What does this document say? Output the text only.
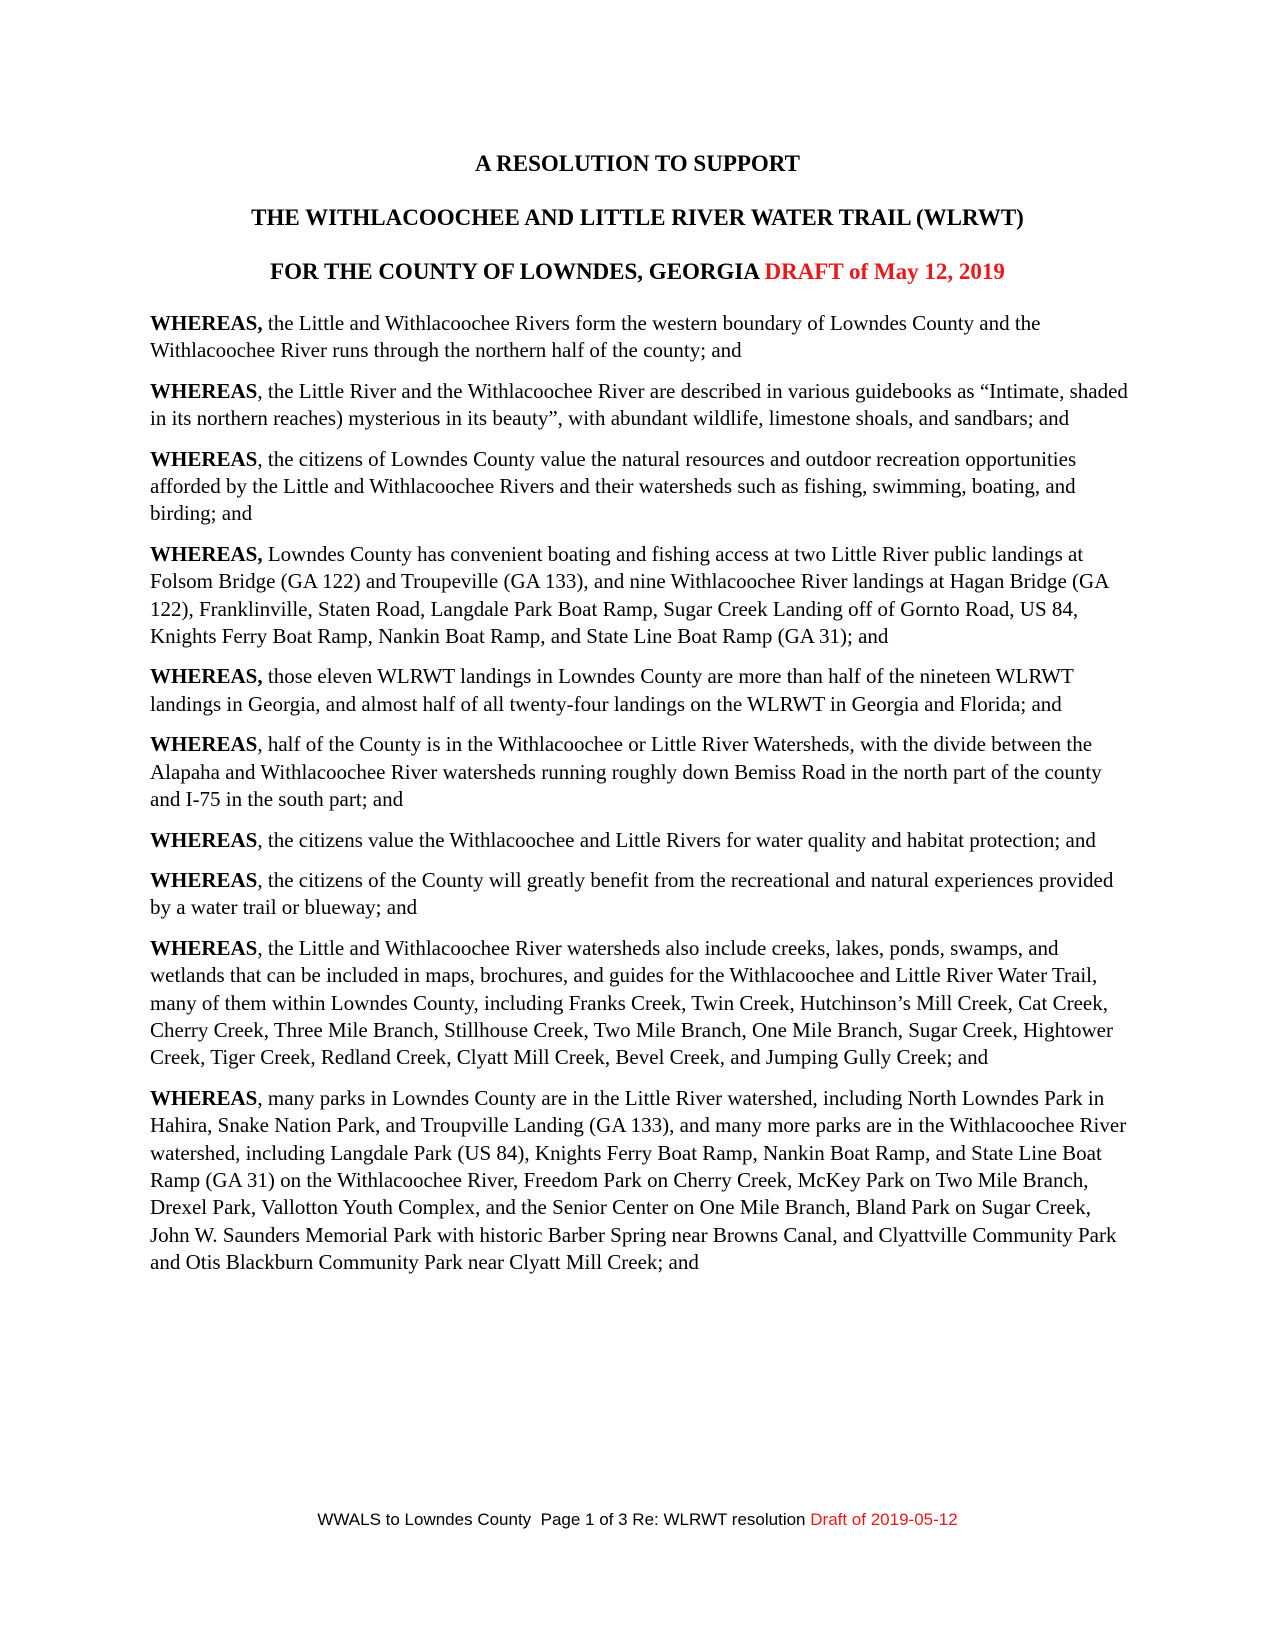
A RESOLUTION TO SUPPORT
THE WITHLACOOCHEE AND LITTLE RIVER WATER TRAIL (WLRWT)
FOR THE COUNTY OF LOWNDES, GEORGIA DRAFT of May 12, 2019

WHEREAS, the Little and Withlacoochee Rivers form the western boundary of Lowndes County and the Withlacoochee River runs through the northern half of the county; and

WHEREAS, the Little River and the Withlacoochee River are described in various guidebooks as “Intimate, shaded in its northern reaches) mysterious in its beauty”, with abundant wildlife, limestone shoals, and sandbars; and

WHEREAS, the citizens of Lowndes County value the natural resources and outdoor recreation opportunities afforded by the Little and Withlacoochee Rivers and their watersheds such as fishing, swimming, boating, and birding; and

WHEREAS, Lowndes County has convenient boating and fishing access at two Little River public landings at Folsom Bridge (GA 122) and Troupeville (GA 133), and nine Withlacoochee River landings at Hagan Bridge (GA 122), Franklinville, Staten Road, Langdale Park Boat Ramp, Sugar Creek Landing off of Gornto Road, US 84, Knights Ferry Boat Ramp, Nankin Boat Ramp, and State Line Boat Ramp (GA 31); and

WHEREAS, those eleven WLRWT landings in Lowndes County are more than half of the nineteen WLRWT landings in Georgia, and almost half of all twenty-four landings on the WLRWT in Georgia and Florida; and

WHEREAS, half of the County is in the Withlacoochee or Little River Watersheds, with the divide between the Alapaha and Withlacoochee River watersheds running roughly down Bemiss Road in the north part of the county and I-75 in the south part; and

WHEREAS, the citizens value the Withlacoochee and Little Rivers for water quality and habitat protection; and

WHEREAS, the citizens of the County will greatly benefit from the recreational and natural experiences provided by a water trail or blueway; and

WHEREAS, the Little and Withlacoochee River watersheds also include creeks, lakes, ponds, swamps, and wetlands that can be included in maps, brochures, and guides for the Withlacoochee and Little River Water Trail, many of them within Lowndes County, including Franks Creek, Twin Creek, Hutchinson’s Mill Creek, Cat Creek, Cherry Creek, Three Mile Branch, Stillhouse Creek, Two Mile Branch, One Mile Branch, Sugar Creek, Hightower Creek, Tiger Creek, Redland Creek, Clyatt Mill Creek, Bevel Creek, and Jumping Gully Creek; and

WHEREAS, many parks in Lowndes County are in the Little River watershed, including North Lowndes Park in Hahira, Snake Nation Park, and Troupville Landing (GA 133), and many more parks are in the Withlacoochee River watershed, including Langdale Park (US 84), Knights Ferry Boat Ramp, Nankin Boat Ramp, and State Line Boat Ramp (GA 31) on the Withlacoochee River, Freedom Park on Cherry Creek, McKey Park on Two Mile Branch, Drexel Park, Vallotton Youth Complex, and the Senior Center on One Mile Branch, Bland Park on Sugar Creek, John W. Saunders Memorial Park with historic Barber Spring near Browns Canal, and Clyattville Community Park and Otis Blackburn Community Park near Clyatt Mill Creek; and

WWALS to Lowndes County  Page 1 of 3 Re: WLRWT resolution Draft of 2019-05-12
